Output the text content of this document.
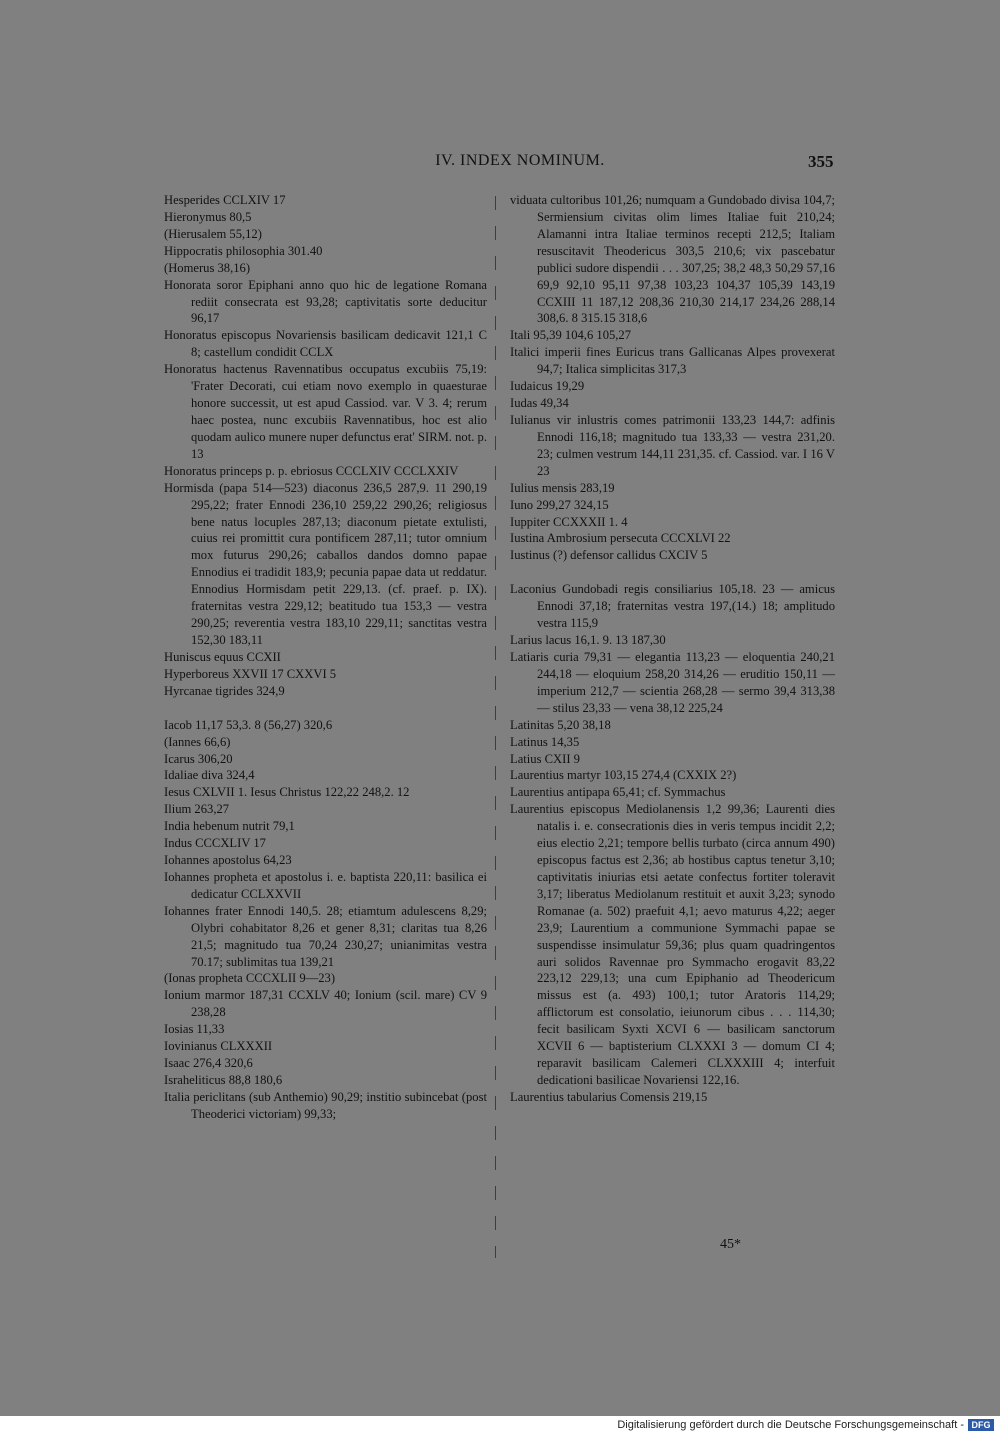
IV. INDEX NOMINUM.	355
Hesperides CCLXIV 17
Hieronymus 80,5
(Hierusalem 55,12)
Hippocratis philosophia 301.40
(Homerus 38,16)
Honorata soror Epiphani anno quo hic de legatione Romana rediit consecrata est 93,28; captivitatis sorte deducitur 96,17
Honoratus episcopus Novariensis basilicam dedicavit 121,1 C 8; castellum condidit CCLX
Honoratus hactenus Ravennatibus occupatus excubiis 75,19: 'Frater Decorati, cui etiam novo exemplo in quaesturae honore successit, ut est apud Cassiod. var. V 3. 4; rerum haec postea, nunc excubiis Ravennatibus, hoc est alio quodam aulico munere nuper defunctus erat' SIRM. not. p. 13
Honoratus princeps p. p. ebriosus CCCLXIV CCCLXXIV
Hormisda (papa 514—523) diaconus 236,5 287,9. 11 290,19 295,22; frater Ennodi 236,10 259,22 290,26; religiosus bene natus locuples 287,13; diaconum pietate extulisti, cuius rei promittit cura pontificem 287,11; tutor omnium mox futurus 290,26; caballos dandos domno papae Ennodius ei tradidit 183,9; pecunia papae data ut reddatur. Ennodius Hormisdam petit 229,13. (cf. praef. p. IX). fraternitas vestra 229,12; beatitudo tua 153,3 — vestra 290,25; reverentia vestra 183,10 229,11; sanctitas vestra 152,30 183,11
Huniscus equus CCXII
Hyperboreus XXVII 17 CXXVI 5
Hyrcanae tigrides 324,9
Iacob 11,17 53,3. 8 (56,27) 320,6
(Iannes 66,6)
Icarus 306,20
Idaliae diva 324,4
Iesus CXLVII 1. Iesus Christus 122,22 248,2. 12
Ilium 263,27
India hebenum nutrit 79,1
Indus CCCXLIV 17
Iohannes apostolus 64,23
Iohannes propheta et apostolus i. e. baptista 220,11: basilica ei dedicatur CCLXXVII
Iohannes frater Ennodi 140,5. 28; etiamtum adulescens 8,29; Olybri cohabitator 8,26 et gener 8,31; claritas tua 8,26 21,5; magnitudo tua 70,24 230,27; unianimitas vestra 70.17; sublimitas tua 139,21
(Ionas propheta CCCXLII 9—23)
Ionium marmor 187,31 CCXLV 40; Ionium (scil. mare) CV 9 238,28
Iosias 11,33
Iovinianus CLXXXII
Isaac 276,4 320,6
Israheliticus 88,8 180,6
Italia periclitans (sub Anthemio) 90,29; institio subincebat (post Theoderici victoriam) 99,33;
viduata cultoribus 101,26; numquam a Gundobado divisa 104,7; Sermiensium civitas olim limes Italiae fuit 210,24; Alamanni intra Italiae terminos recepti 212,5; Italiam resuscitavit Theodericus 303,5 210,6; vix pascebatur publici sudore dispendii . . . 307,25; 38,2 48,3 50,29 57,16 69,9 92,10 95,11 97,38 103,23 104,37 105,39 143,19 CCXIII 11 187,12 208,36 210,30 214,17 234,26 288,14 308,6. 8 315.15 318,6
Itali 95,39 104,6 105,27
Italici imperii fines Euricus trans Gallicanas Alpes provexerat 94,7; Italica simplicitas 317,3
Iudaicus 19,29
Iudas 49,34
Iulianus vir inlustris comes patrimonii 133,23 144,7: adfinis Ennodi 116,18; magnitudo tua 133,33 — vestra 231,20. 23; culmen vestrum 144,11 231,35. cf. Cassiod. var. I 16 V 23
Iulius mensis 283,19
Iuno 299,27 324,15
Iuppiter CCXXXII 1. 4
Iustina Ambrosium persecuta CCCXLVI 22
Iustinus (?) defensor callidus CXCIV 5
Laconius Gundobadi regis consiliarius 105,18. 23 — amicus Ennodi 37,18; fraternitas vestra 197,(14.) 18; amplitudo vestra 115,9
Larius lacus 16,1. 9. 13 187,30
Latiaris curia 79,31 — elegantia 113,23 — eloquentia 240,21 244,18 — eloquium 258,20 314,26 — eruditio 150,11 — imperium 212,7 — scientia 268,28 — sermo 39,4 313,38 — stilus 23,33 — vena 38,12 225,24
Latinitas 5,20 38,18
Latinus 14,35
Latius CXII 9
Laurentius martyr 103,15 274,4 (CXXIX 2?)
Laurentius antipapa 65,41; cf. Symmachus
Laurentius episcopus Mediolanensis 1,2 99,36; Laurenti dies natalis i. e. consecrationis dies in veris tempus incidit 2,2; eius electio 2,21; tempore bellis turbato (circa annum 490) episcopus factus est 2,36; ab hostibus captus tenetur 3,10; captivitatis iniurias etsi aetate confectus fortiter toleravit 3,17; liberatus Mediolanum restituit et auxit 3,23; synodo Romanae (a. 502) praefuit 4,1; aevo maturus 4,22; aeger 23,9; Laurentium a communione Symmachi papae se suspendisse insimulatur 59,36; plus quam quadringentos auri solidos Ravennae pro Symmacho erogavit 83,22 223,12 229,13; una cum Epiphanio ad Theodericum missus est (a. 493) 100,1; tutor Aratoris 114,29; afflictorum est consolatio, ieiunorum cibus . . . 114,30; fecit basilicam Syxti XCVI 6 — basilicam sanctorum XCVII 6 — baptisterium CLXXXI 3 — domum CI 4; reparavit basilicam Calemeri CLXXXIII 4; interfuit dedicationi basilicae Novariensi 122,16.
Laurentius tabularius Comensis 219,15
45*
Digitalisierung gefördert durch die Deutsche Forschungsgemeinschaft - DFG
